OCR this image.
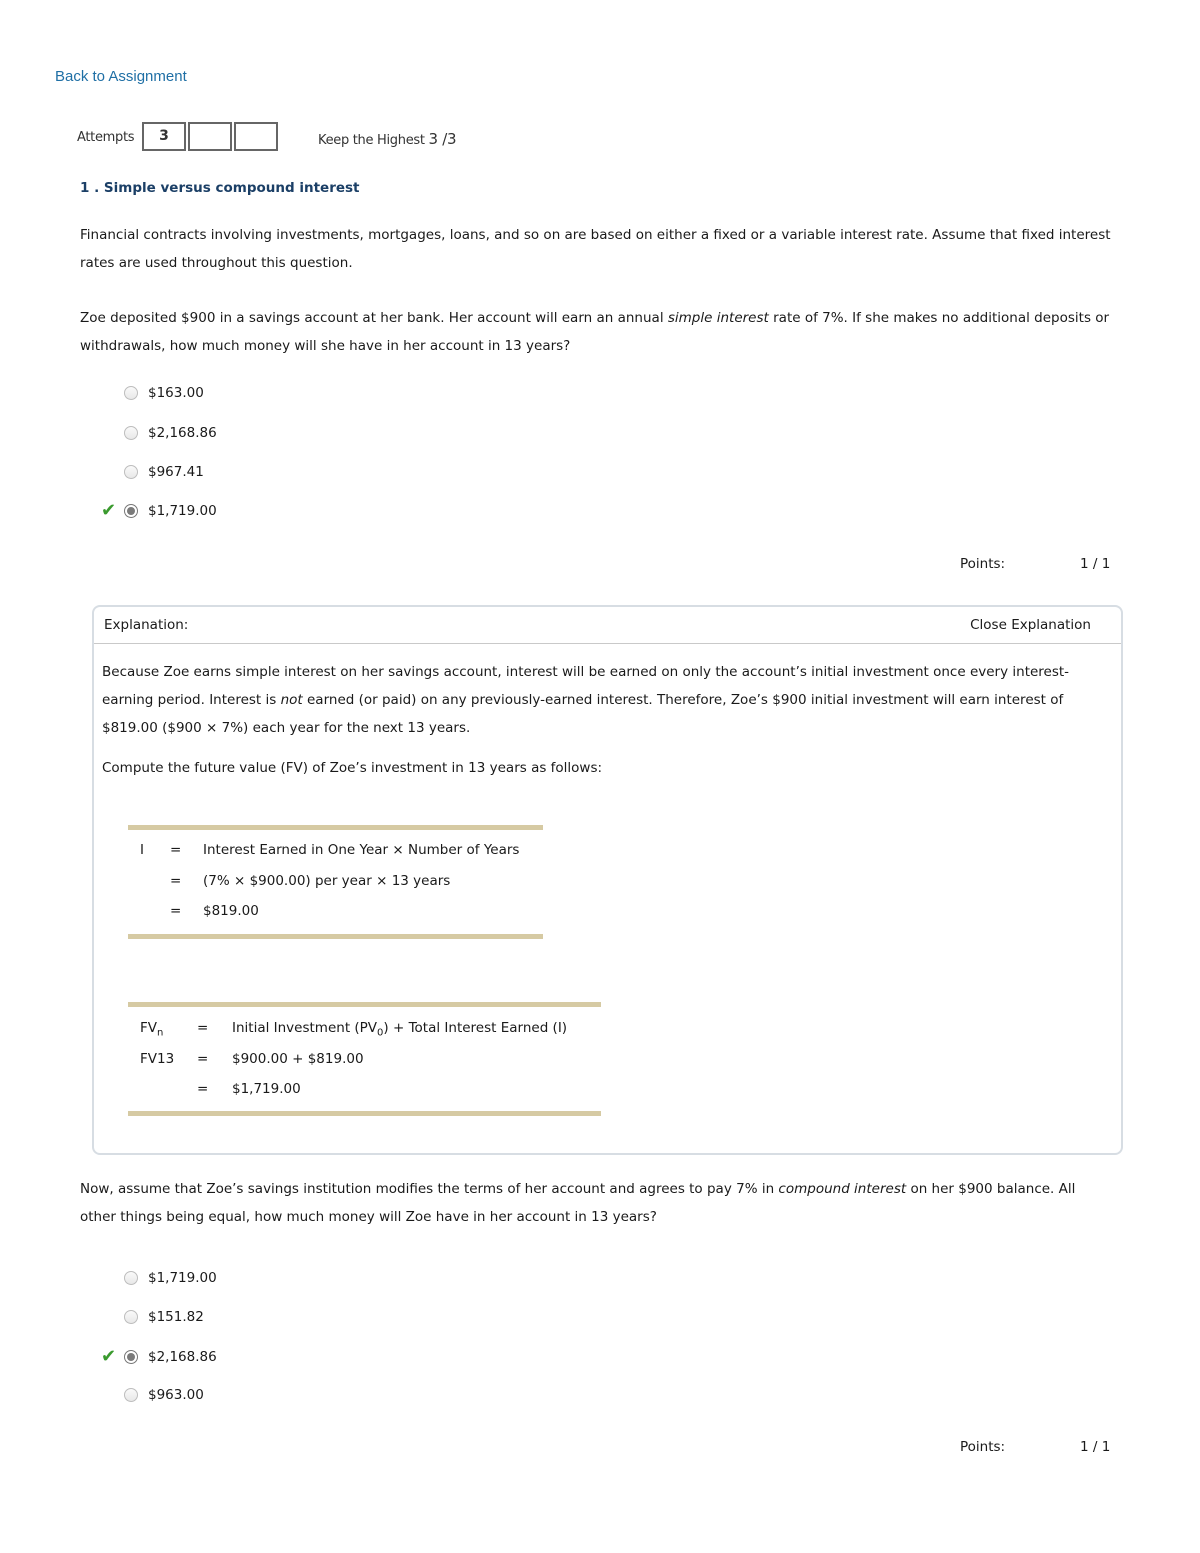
Back to Assignment
Attempts	3	Keep the Highest 3 /3
1 . Simple versus compound interest
Financial contracts involving investments, mortgages, loans, and so on are based on either a fixed or a variable interest rate. Assume that fixed interest rates are used throughout this question.
Zoe deposited $900 in a savings account at her bank. Her account will earn an annual simple interest rate of 7%. If she makes no additional deposits or withdrawals, how much money will she have in her account in 13 years?
$163.00
$2,168.86
$967.41
✔ $1,719.00
Points:	1 / 1
Explanation:	Close Explanation
Because Zoe earns simple interest on her savings account, interest will be earned on only the account’s initial investment once every interest-earning period. Interest is not earned (or paid) on any previously-earned interest. Therefore, Zoe’s $900 initial investment will earn interest of $819.00 ($900 × 7%) each year for the next 13 years.
Compute the future value (FV) of Zoe’s investment in 13 years as follows:
I = Interest Earned in One Year × Number of Years
= (7% × $900.00) per year × 13 years
= $819.00
$FV_n$ = Initial Investment $(PV_0)$ + Total Interest Earned (I)
FV13 = $900.00 + $819.00
= $1,719.00
Now, assume that Zoe’s savings institution modifies the terms of her account and agrees to pay 7% in compound interest on her $900 balance. All other things being equal, how much money will Zoe have in her account in 13 years?
$1,719.00
$151.82
✔ $2,168.86
$963.00
Points:	1 / 1
